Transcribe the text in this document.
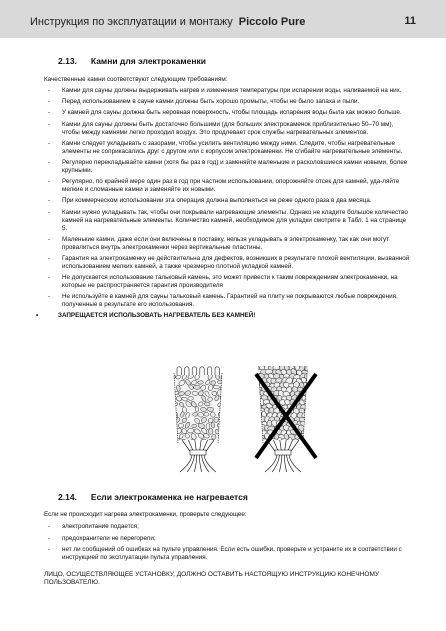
Инструкция по эксплуатации и монтажу Piccolo Pure	11
2.13. Камни для электрокаменки
Качественные камни соответствуют следующим требованиям:
-	Камни для сауны должны выдерживать нагрев и изменения температуры при испарении воды, наливаемой на них.
-	Перед использованием в сауне камни должны быть хорошо промыты, чтобы не было запаха и пыли.
-	У камней для сауны должна быть неровная поверхность, чтобы площадь испарения воды была как можно больше.
-	Камни для сауны должны быть достаточно большими (для больших электрокаменок приблизительно 50–70 мм), чтобы между камнями легко проходил воздух. Это продлевает срок службы нагревательных элементов.
-	Камни следует укладывать с зазорами, чтобы усилить вентиляцию между ними. Следите, чтобы нагревательные элементы не соприкасались друг с другом или с корпусом электрокаменки. Не сгибайте нагревательные элементы.
-	Регулярно перекладывайте камни (хотя бы раз в год) и заменяйте маленькие и расколовшиеся камни новыми, более крупными.
-	Регулярно, по крайней мере один раз в год при частном использовании, опорожняйте отсек для камней, уда-ляйте мелкие и сломанные камни и заменяйте их новыми.
-	При коммерческом использовании эта операция должна выполняться не реже одного раза в два месяца.
-	Камни нужно укладывать так, чтобы они покрывали нагревающие элементы. Однако не кладите большое количество камней на нагревательные элементы. Количество камней, необходимое для укладки смотрите в Табл. 1 на странице 5.
-	Маленькие камни, даже если они включены в поставку, нельзя укладывать в электрокаменку, так как они могут провалиться внутрь электрокаменки через вертикальные пластины.
-	Гарантия на электрокаменку не действительна для дефектов, возникших в результате плохой вентиляции, вызванной использованием мелких камней, а также чрезмерно плотной укладкой камней.
-	Не допускается использование тальковый камень, это может привести к таким повреждениям электрокаменки, на которые не распространяется гарантия производителя
-	Не используйте в камней для сауны тальковый камень. Гарантией на плиту не покрываются любые повреждения, полученные в результате его использования.
•	ЗАПРЕЩАЕТСЯ ИСПОЛЬЗОВАТЬ НАГРЕВАТЕЛЬ БЕЗ КАМНЕЙ!
2.14. Если электрокаменка не нагревается
Если не происходит нагрева электрокаменки, проверьте следующее:
-	электропитание подается;
-	предохранители не перегорели;
-	нет ли сообщений об ошибках на пульте управления. Если есть ошибки, проверьте и устраните их в соответствии с инструкцией по эксплуатации пульта управления.
ЛИЦО, ОСУЩЕСТВЛЯЮЩЕЕ УСТАНОВКУ, ДОЛЖНО ОСТАВИТЬ НАСТОЯЩУЮ ИНСТРУКЦИЮ КОНЕЧНОМУ ПОЛЬЗОВАТЕЛЮ.
